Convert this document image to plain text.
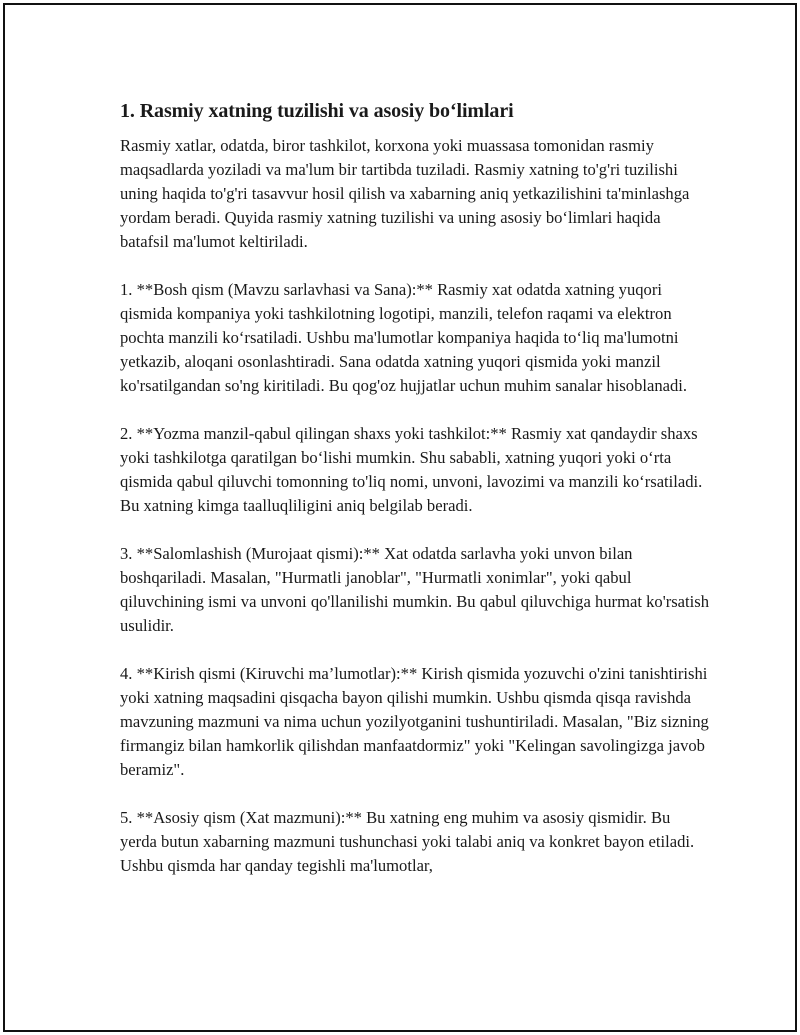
1. Rasmiy xatning tuzilishi va asosiy bo‘limlari

Rasmiy xatlar, odatda, biror tashkilot, korxona yoki muassasa tomonidan rasmiy maqsadlarda yoziladi va ma'lum bir tartibda tuziladi. Rasmiy xatning to'g'ri tuzilishi uning haqida to'g'ri tasavvur hosil qilish va xabarning aniq yetkazilishini ta'minlashga yordam beradi. Quyida rasmiy xatning tuzilishi va uning asosiy bo‘limlari haqida batafsil ma'lumot keltiriladi.

1. **Bosh qism (Mavzu sarlavhasi va Sana):** Rasmiy xat odatda xatning yuqori qismida kompaniya yoki tashkilotning logotipi, manzili, telefon raqami va elektron pochta manzili ko‘rsatiladi. Ushbu ma'lumotlar kompaniya haqida to‘liq ma'lumotni yetkazib, aloqani osonlashtiradi. Sana odatda xatning yuqori qismida yoki manzil ko'rsatilgandan so'ng kiritiladi. Bu qog'oz hujjatlar uchun muhim sanalar hisoblanadi.

2. **Yozma manzil-qabul qilingan shaxs yoki tashkilot:** Rasmiy xat qandaydir shaxs yoki tashkilotga qaratilgan bo‘lishi mumkin. Shu sababli, xatning yuqori yoki o‘rta qismida qabul qiluvchi tomonning to'liq nomi, unvoni, lavozimi va manzili ko‘rsatiladi. Bu xatning kimga taalluqliligini aniq belgilab beradi.

3. **Salomlashish (Murojaat qismi):** Xat odatda sarlavha yoki unvon bilan boshqariladi. Masalan, "Hurmatli janoblar", "Hurmatli xonimlar", yoki qabul qiluvchining ismi va unvoni qo'llanilishi mumkin. Bu qabul qiluvchiga hurmat ko'rsatish usulidir.

4. **Kirish qismi (Kiruvchi ma’lumotlar):** Kirish qismida yozuvchi o'zini tanishtirishi yoki xatning maqsadini qisqacha bayon qilishi mumkin. Ushbu qismda qisqa ravishda mavzuning mazmuni va nima uchun yozilyotganini tushuntiriladi. Masalan, "Biz sizning firmangiz bilan hamkorlik qilishdan manfaatdormiz" yoki "Kelingan savolingizga javob beramiz".

5. **Asosiy qism (Xat mazmuni):** Bu xatning eng muhim va asosiy qismidir. Bu yerda butun xabarning mazmuni tushunchasi yoki talabi aniq va konkret bayon etiladi. Ushbu qismda har qanday tegishli ma'lumotlar,
